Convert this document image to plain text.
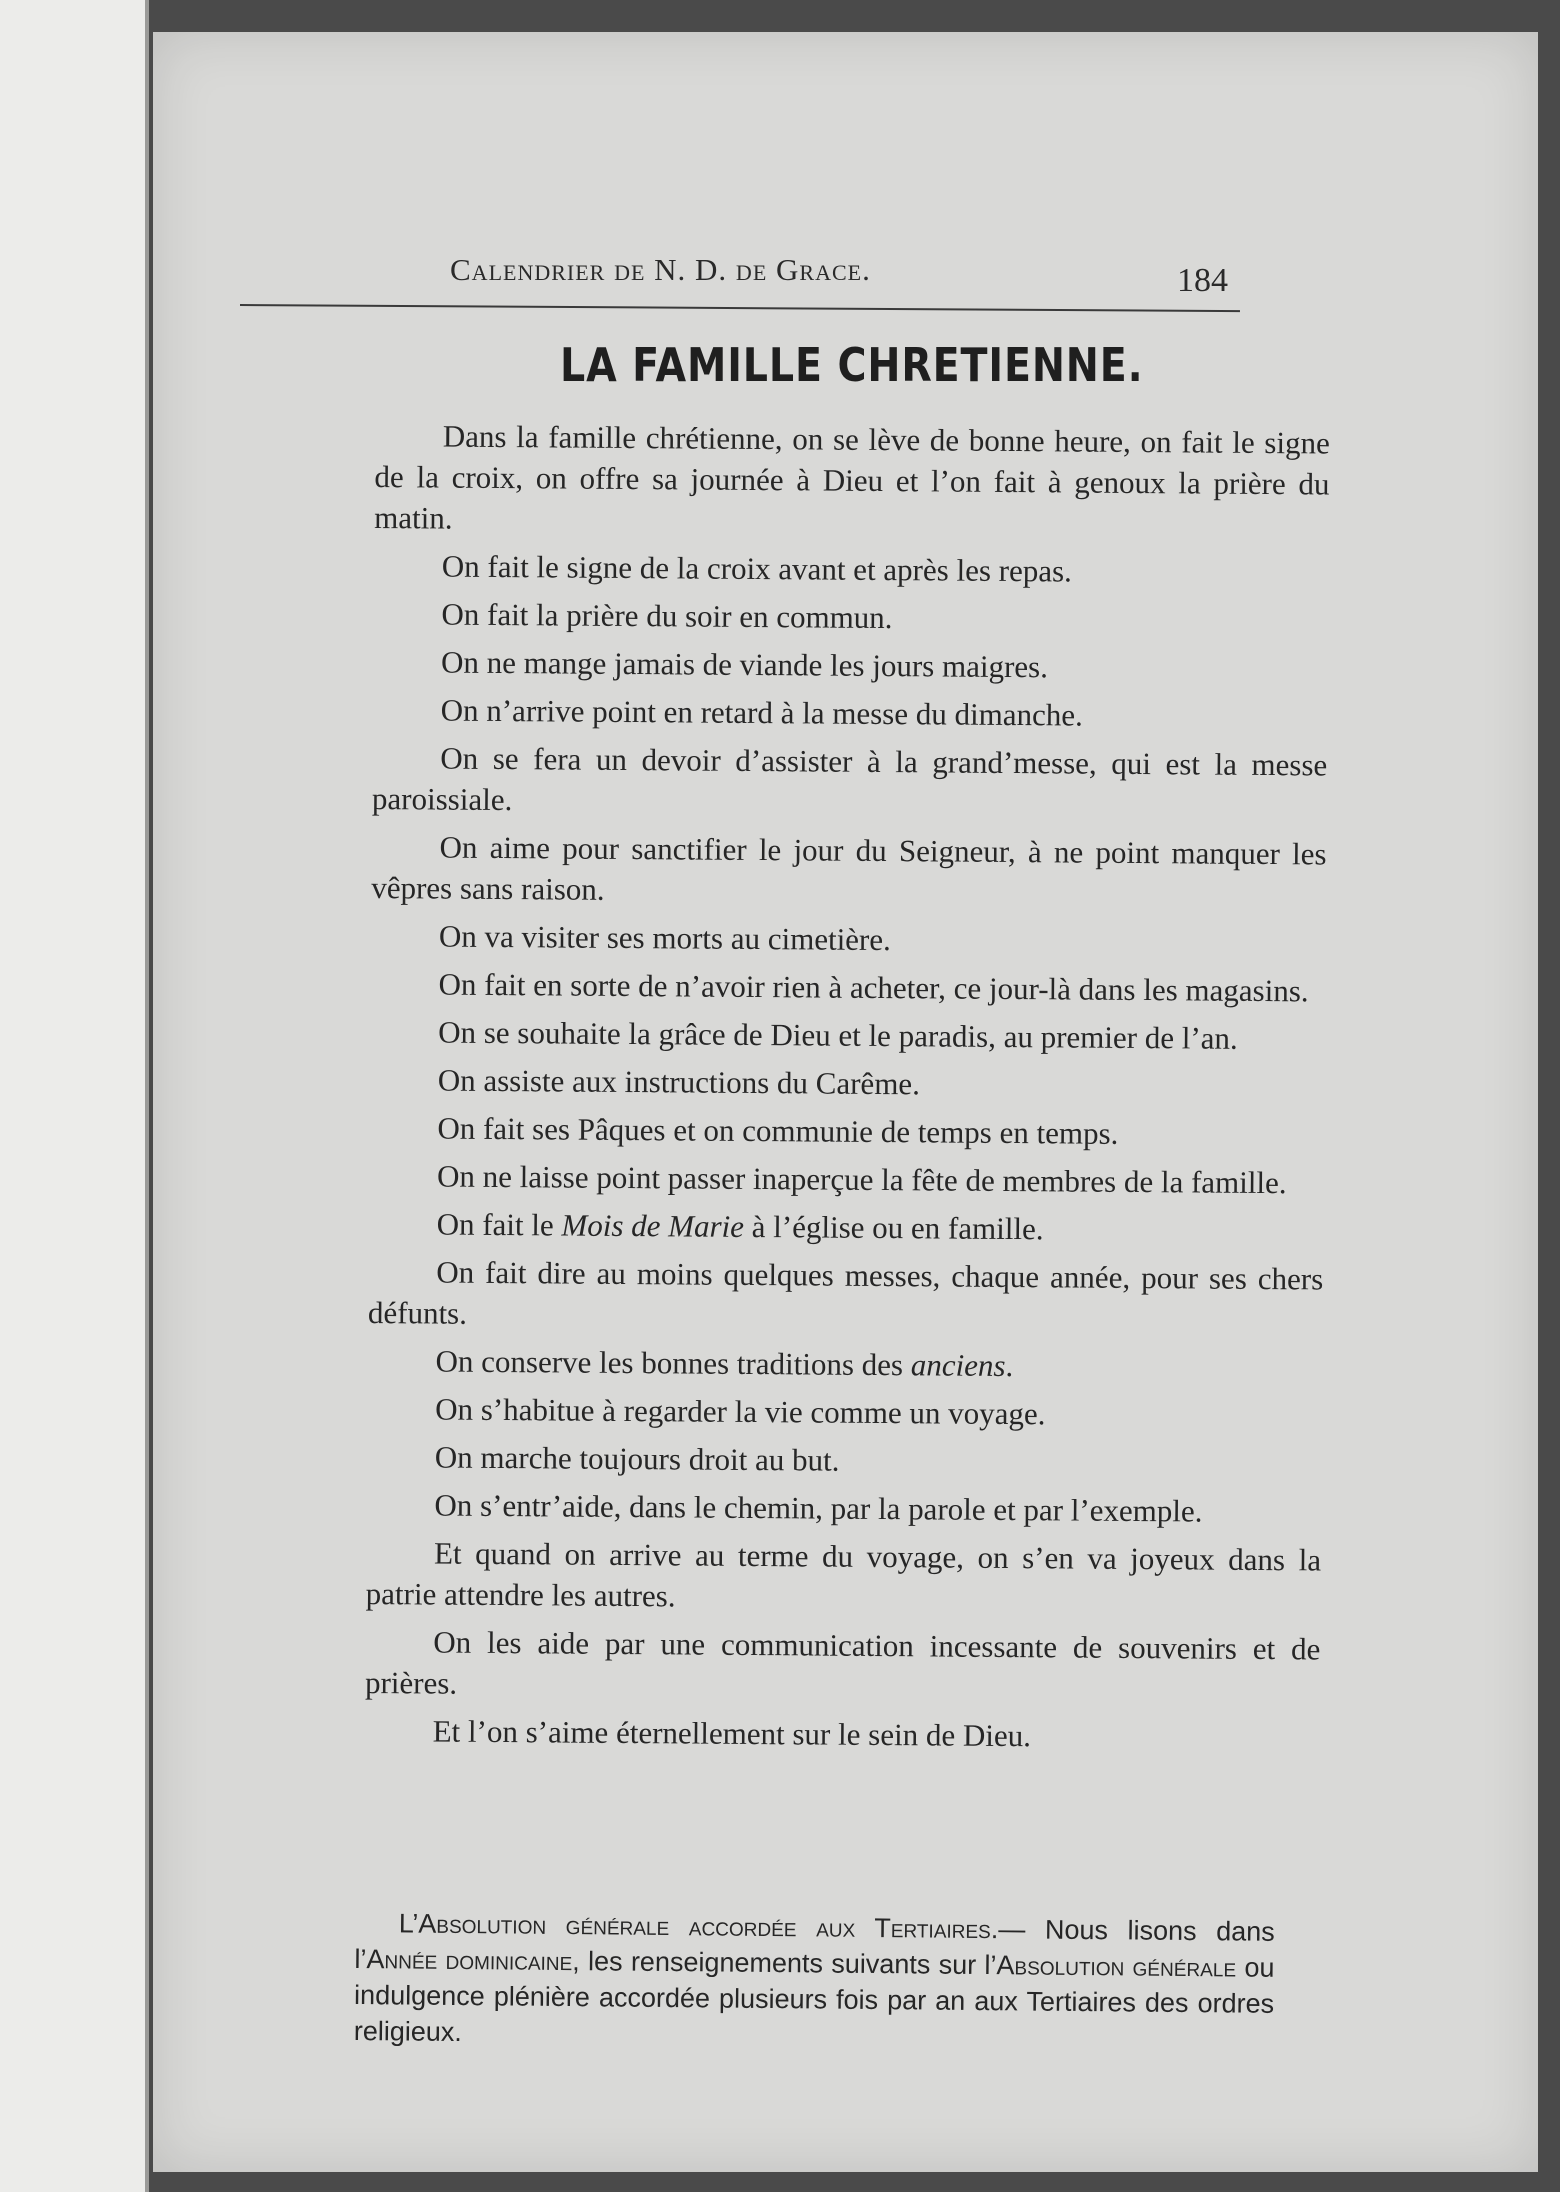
Calendrier de N. D. de Grace.	184
LA FAMILLE CHRETIENNE.

Dans la famille chrétienne, on se lève de bonne heure, on fait le signe de la croix, on offre sa journée à Dieu et l’on fait à genoux la prière du matin.

On fait le signe de la croix avant et après les repas.

On fait la prière du soir en commun.

On ne mange jamais de viande les jours maigres.

On n’arrive point en retard à la messe du dimanche.

On se fera un devoir d’assister à la grand’messe, qui est la messe paroissiale.

On aime pour sanctifier le jour du Seigneur, à ne point manquer les vêpres sans raison.

On va visiter ses morts au cimetière.

On fait en sorte de n’avoir rien à acheter, ce jour-là dans les magasins.

On se souhaite la grâce de Dieu et le paradis, au premier de l’an.

On assiste aux instructions du Carême.

On fait ses Pâques et on communie de temps en temps.

On ne laisse point passer inaperçue la fête de membres de la famille.

On fait le Mois de Marie à l’église ou en famille.

On fait dire au moins quelques messes, chaque année, pour ses chers défunts.

On conserve les bonnes traditions des anciens.

On s’habitue à regarder la vie comme un voyage.

On marche toujours droit au but.

On s’entr’aide, dans le chemin, par la parole et par l’exemple.

Et quand on arrive au terme du voyage, on s’en va joyeux dans la patrie attendre les autres.

On les aide par une communication incessante de souvenirs et de prières.

Et l’on s’aime éternellement sur le sein de Dieu.

L’Absolution générale accordée aux Tertiaires.— Nous lisons dans l’Année dominicaine, les renseignements suivants sur l’Absolution générale ou indulgence plénière accordée plusieurs fois par an aux Tertiaires des ordres religieux.
